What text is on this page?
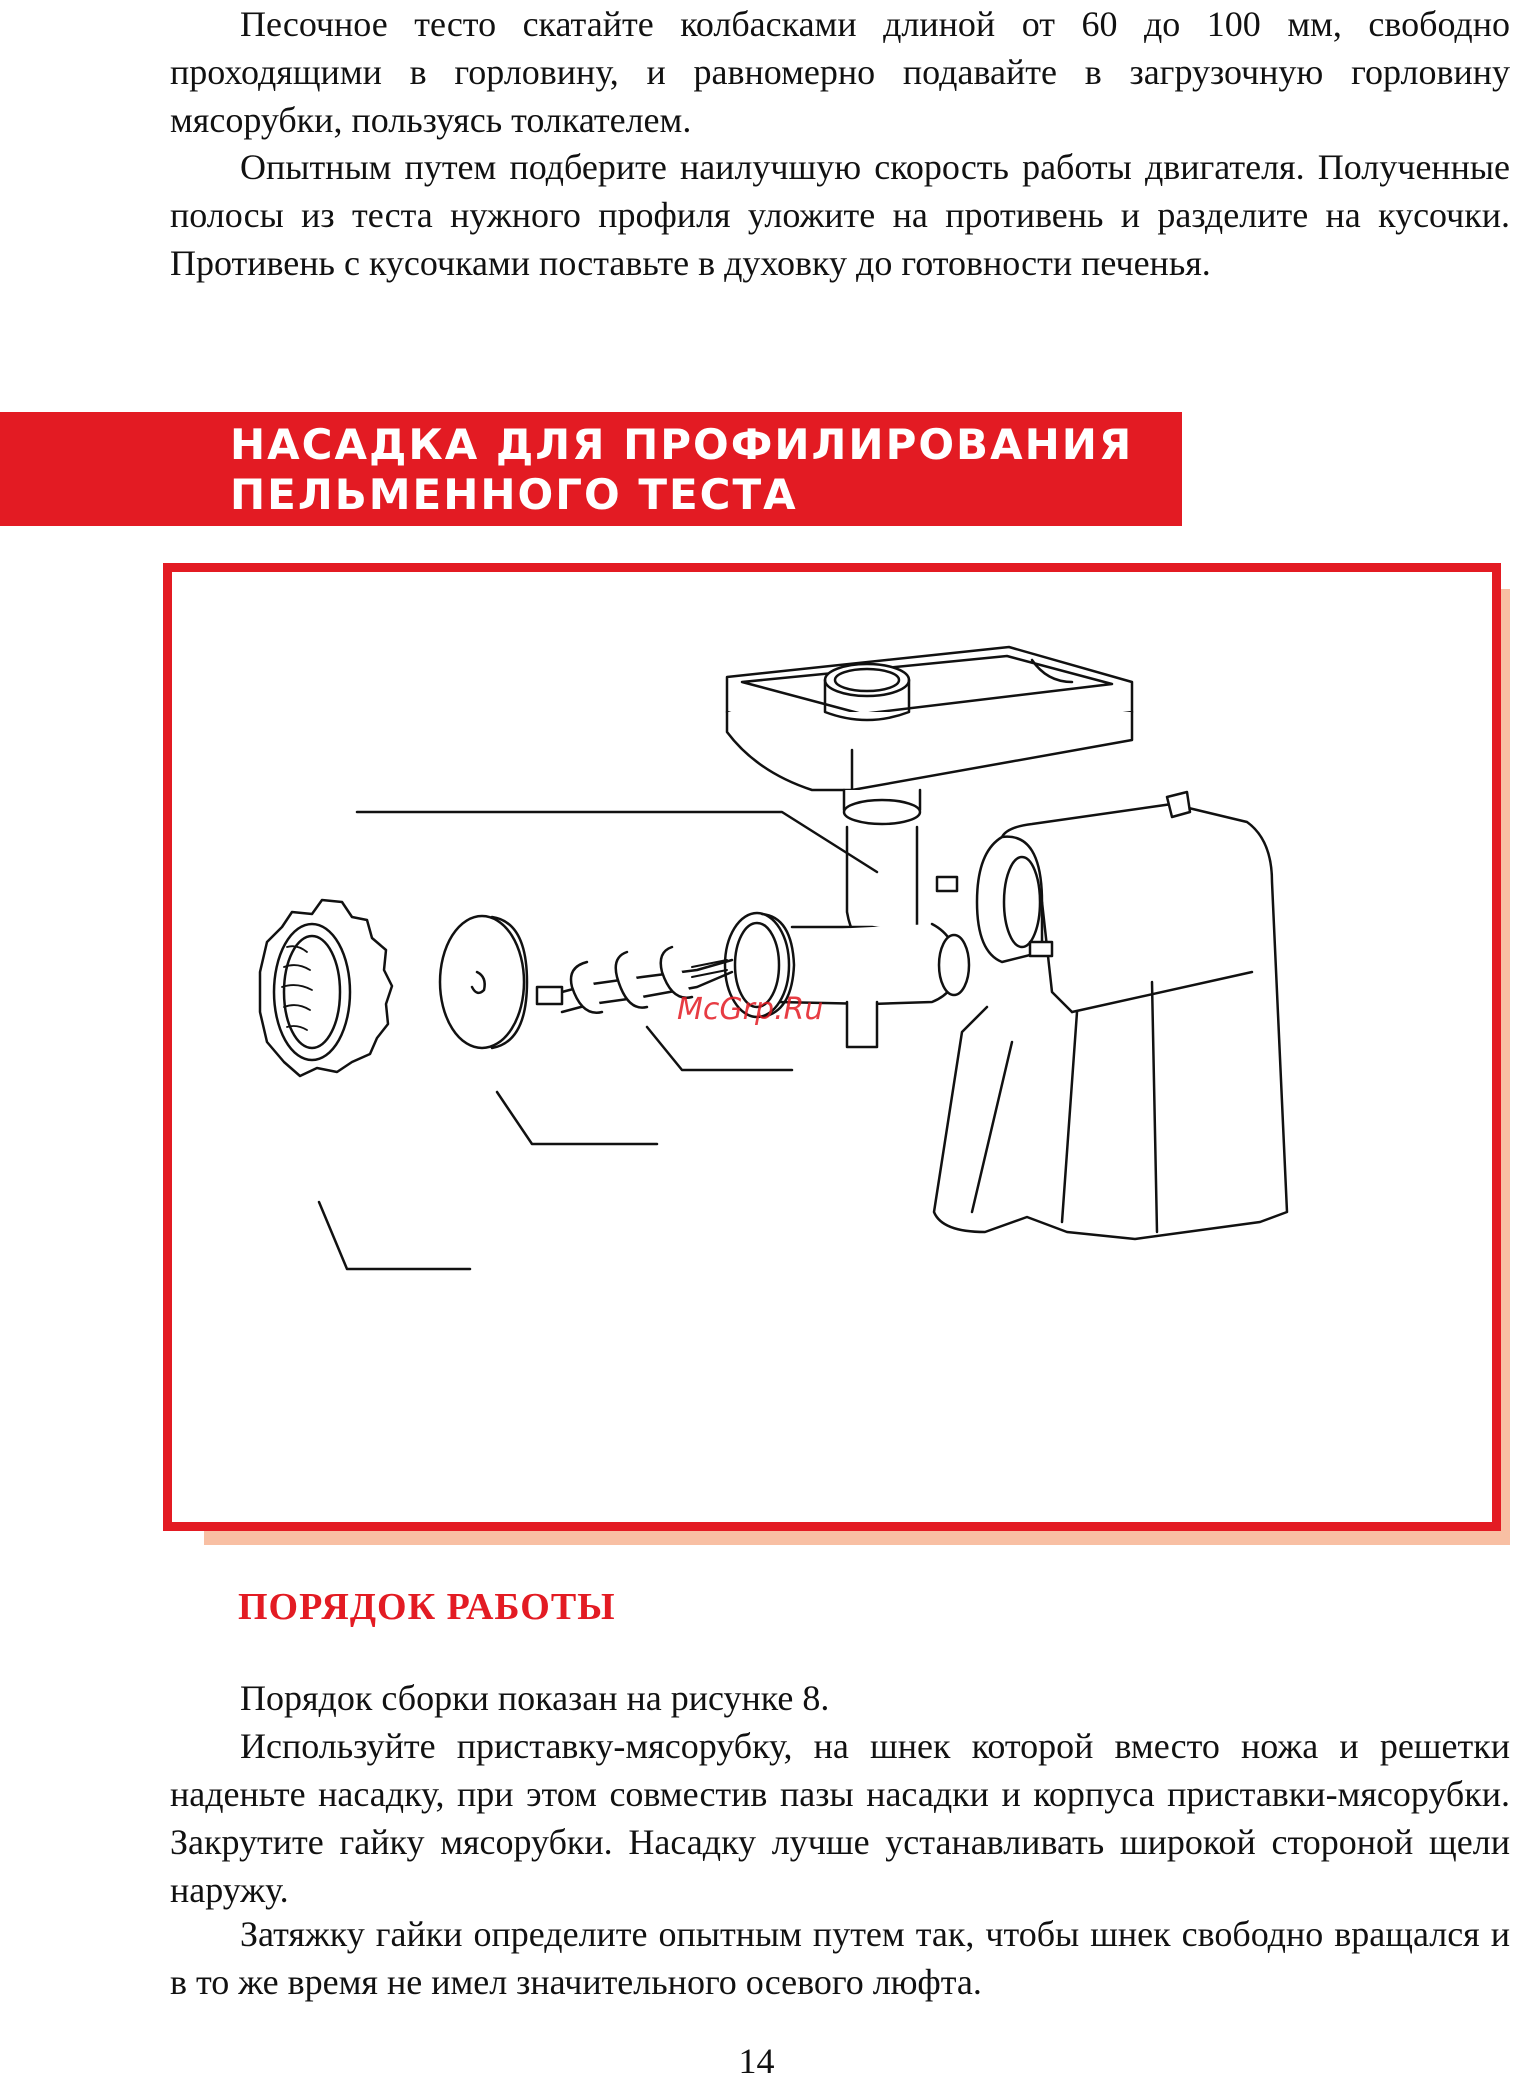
Песочное тесто скатайте колбасками длиной от 60 до 100 мм, свободно проходящими в горловину, и равномерно подавайте в загрузочную горловину мясорубки, пользуясь толкателем.

Опытным путем подберите наилучшую скорость работы двигателя. Полученные полосы из теста нужного профиля уложите на противень и разделите на кусочки. Противень с кусочками поставьте в духовку до готовности печенья.

НАСАДКА ДЛЯ ПРОФИЛИРОВАНИЯ
ПЕЛЬМЕННОГО ТЕСТА
McGrp.Ru
ПОРЯДОК РАБОТЫ

Порядок сборки показан на рисунке 8.

Используйте приставку-мясорубку, на шнек которой вместо ножа и решетки наденьте насадку, при этом совместив пазы насадки и корпуса приставки-мясорубки. Закрутите гайку мясорубки. Насадку лучше устанавливать широкой стороной щели наружу.

Затяжку гайки определите опытным путем так, чтобы шнек свободно вращался и в то же время не имел значительного осевого люфта.

14
